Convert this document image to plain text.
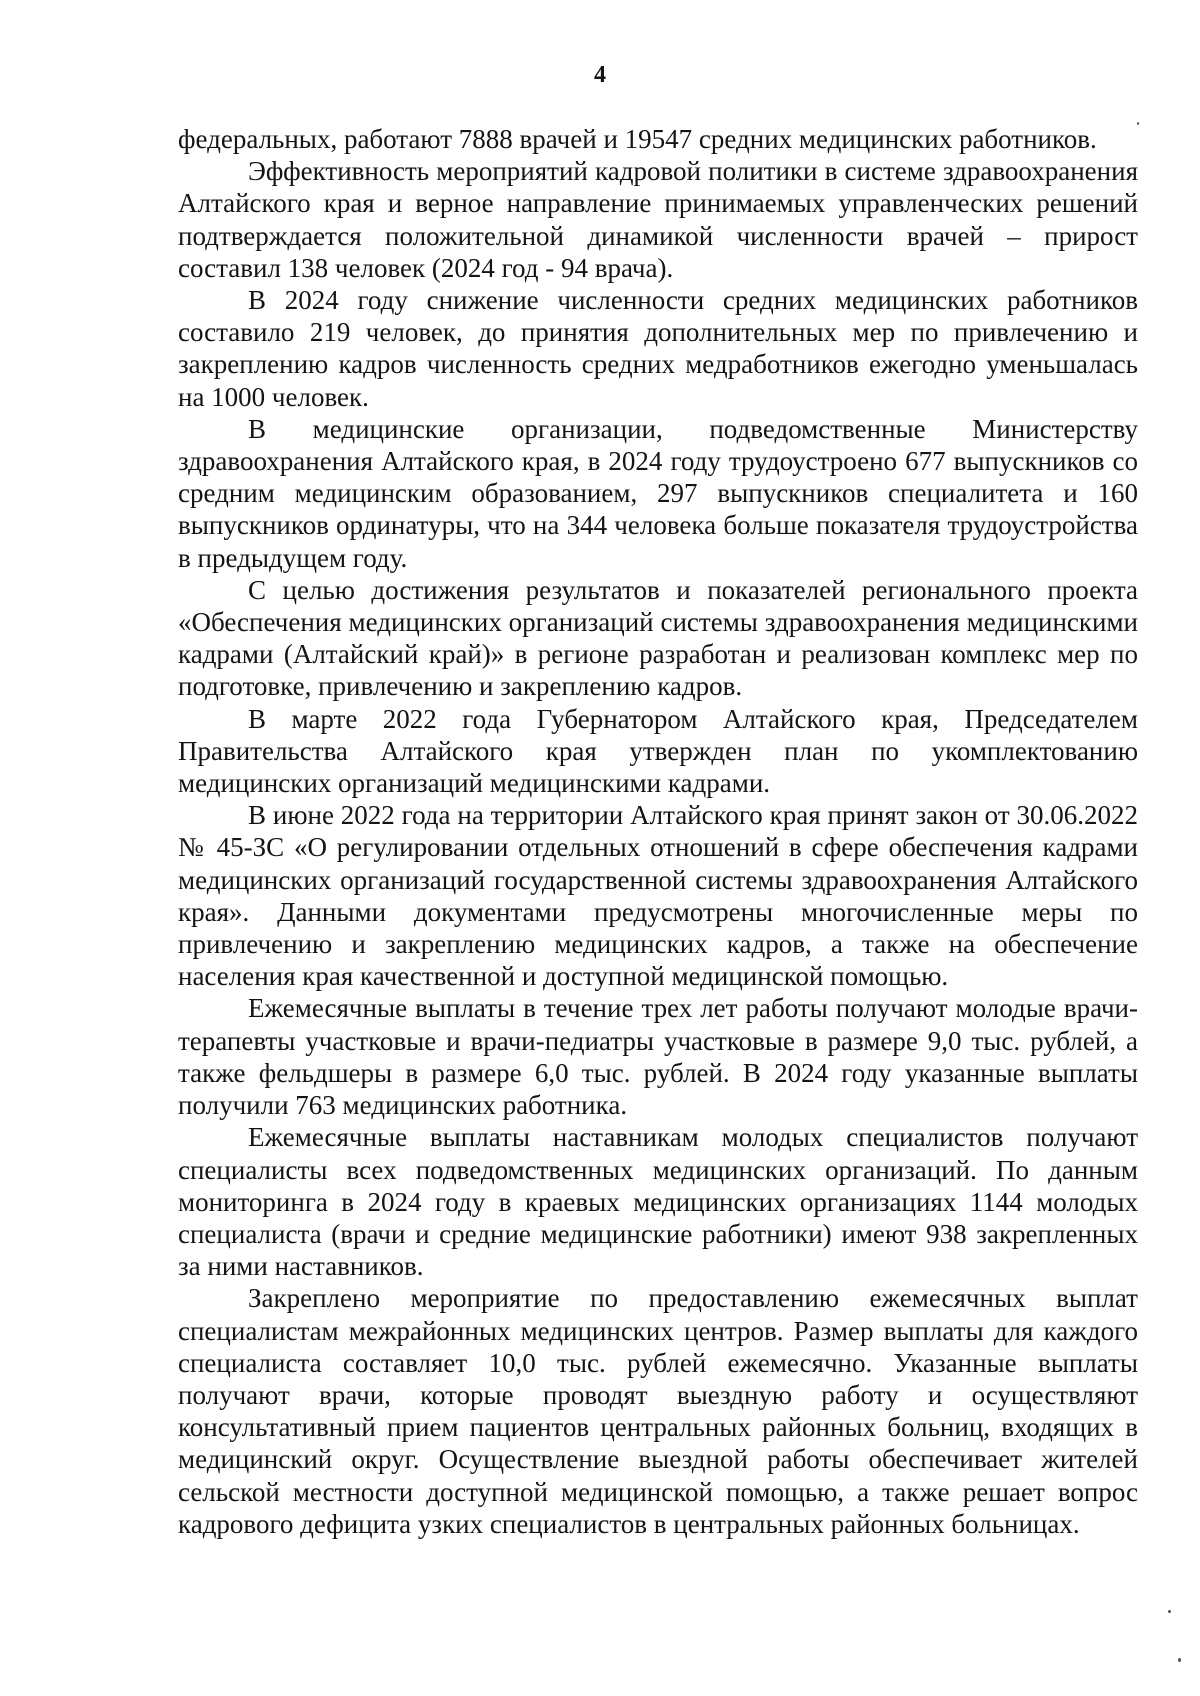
4

федеральных, работают 7888 врачей и 19547 средних медицинских работников.

Эффективность мероприятий кадровой политики в системе здравоохранения Алтайского края и верное направление принимаемых управленческих решений подтверждается положительной динамикой численности врачей – прирост составил 138 человек (2024 год - 94 врача).

В 2024 году снижение численности средних медицинских работников составило 219 человек, до принятия дополнительных мер по привлечению и закреплению кадров численность средних медработников ежегодно уменьшалась на 1000 человек.

В медицинские организации, подведомственные Министерству здравоохранения Алтайского края, в 2024 году трудоустроено 677 выпускников со средним медицинским образованием, 297 выпускников специалитета и 160 выпускников ординатуры, что на 344 человека больше показателя трудоустройства в предыдущем году.

С целью достижения результатов и показателей регионального проекта «Обеспечения медицинских организаций системы здравоохранения медицинскими кадрами (Алтайский край)» в регионе разработан и реализован комплекс мер по подготовке, привлечению и закреплению кадров.

В марте 2022 года Губернатором Алтайского края, Председателем Правительства Алтайского края утвержден план по укомплектованию медицинских организаций медицинскими кадрами.

В июне 2022 года на территории Алтайского края принят закон от 30.06.2022 № 45-ЗС «О регулировании отдельных отношений в сфере обеспечения кадрами медицинских организаций государственной системы здравоохранения Алтайского края». Данными документами предусмотрены многочисленные меры по привлечению и закреплению медицинских кадров, а также на обеспечение населения края качественной и доступной медицинской помощью.

Ежемесячные выплаты в течение трех лет работы получают молодые врачи-терапевты участковые и врачи-педиатры участковые в размере 9,0 тыс. рублей, а также фельдшеры в размере 6,0 тыс. рублей. В 2024 году указанные выплаты получили 763 медицинских работника.

Ежемесячные выплаты наставникам молодых специалистов получают специалисты всех подведомственных медицинских организаций. По данным мониторинга в 2024 году в краевых медицинских организациях 1144 молодых специалиста (врачи и средние медицинские работники) имеют 938 закрепленных за ними наставников.

Закреплено мероприятие по предоставлению ежемесячных выплат специалистам межрайонных медицинских центров. Размер выплаты для каждого специалиста составляет 10,0 тыс. рублей ежемесячно. Указанные выплаты получают врачи, которые проводят выездную работу и осуществляют консультативный прием пациентов центральных районных больниц, входящих в медицинский округ. Осуществление выездной работы обеспечивает жителей сельской местности доступной медицинской помощью, а также решает вопрос кадрового дефицита узких специалистов в центральных районных больницах.
